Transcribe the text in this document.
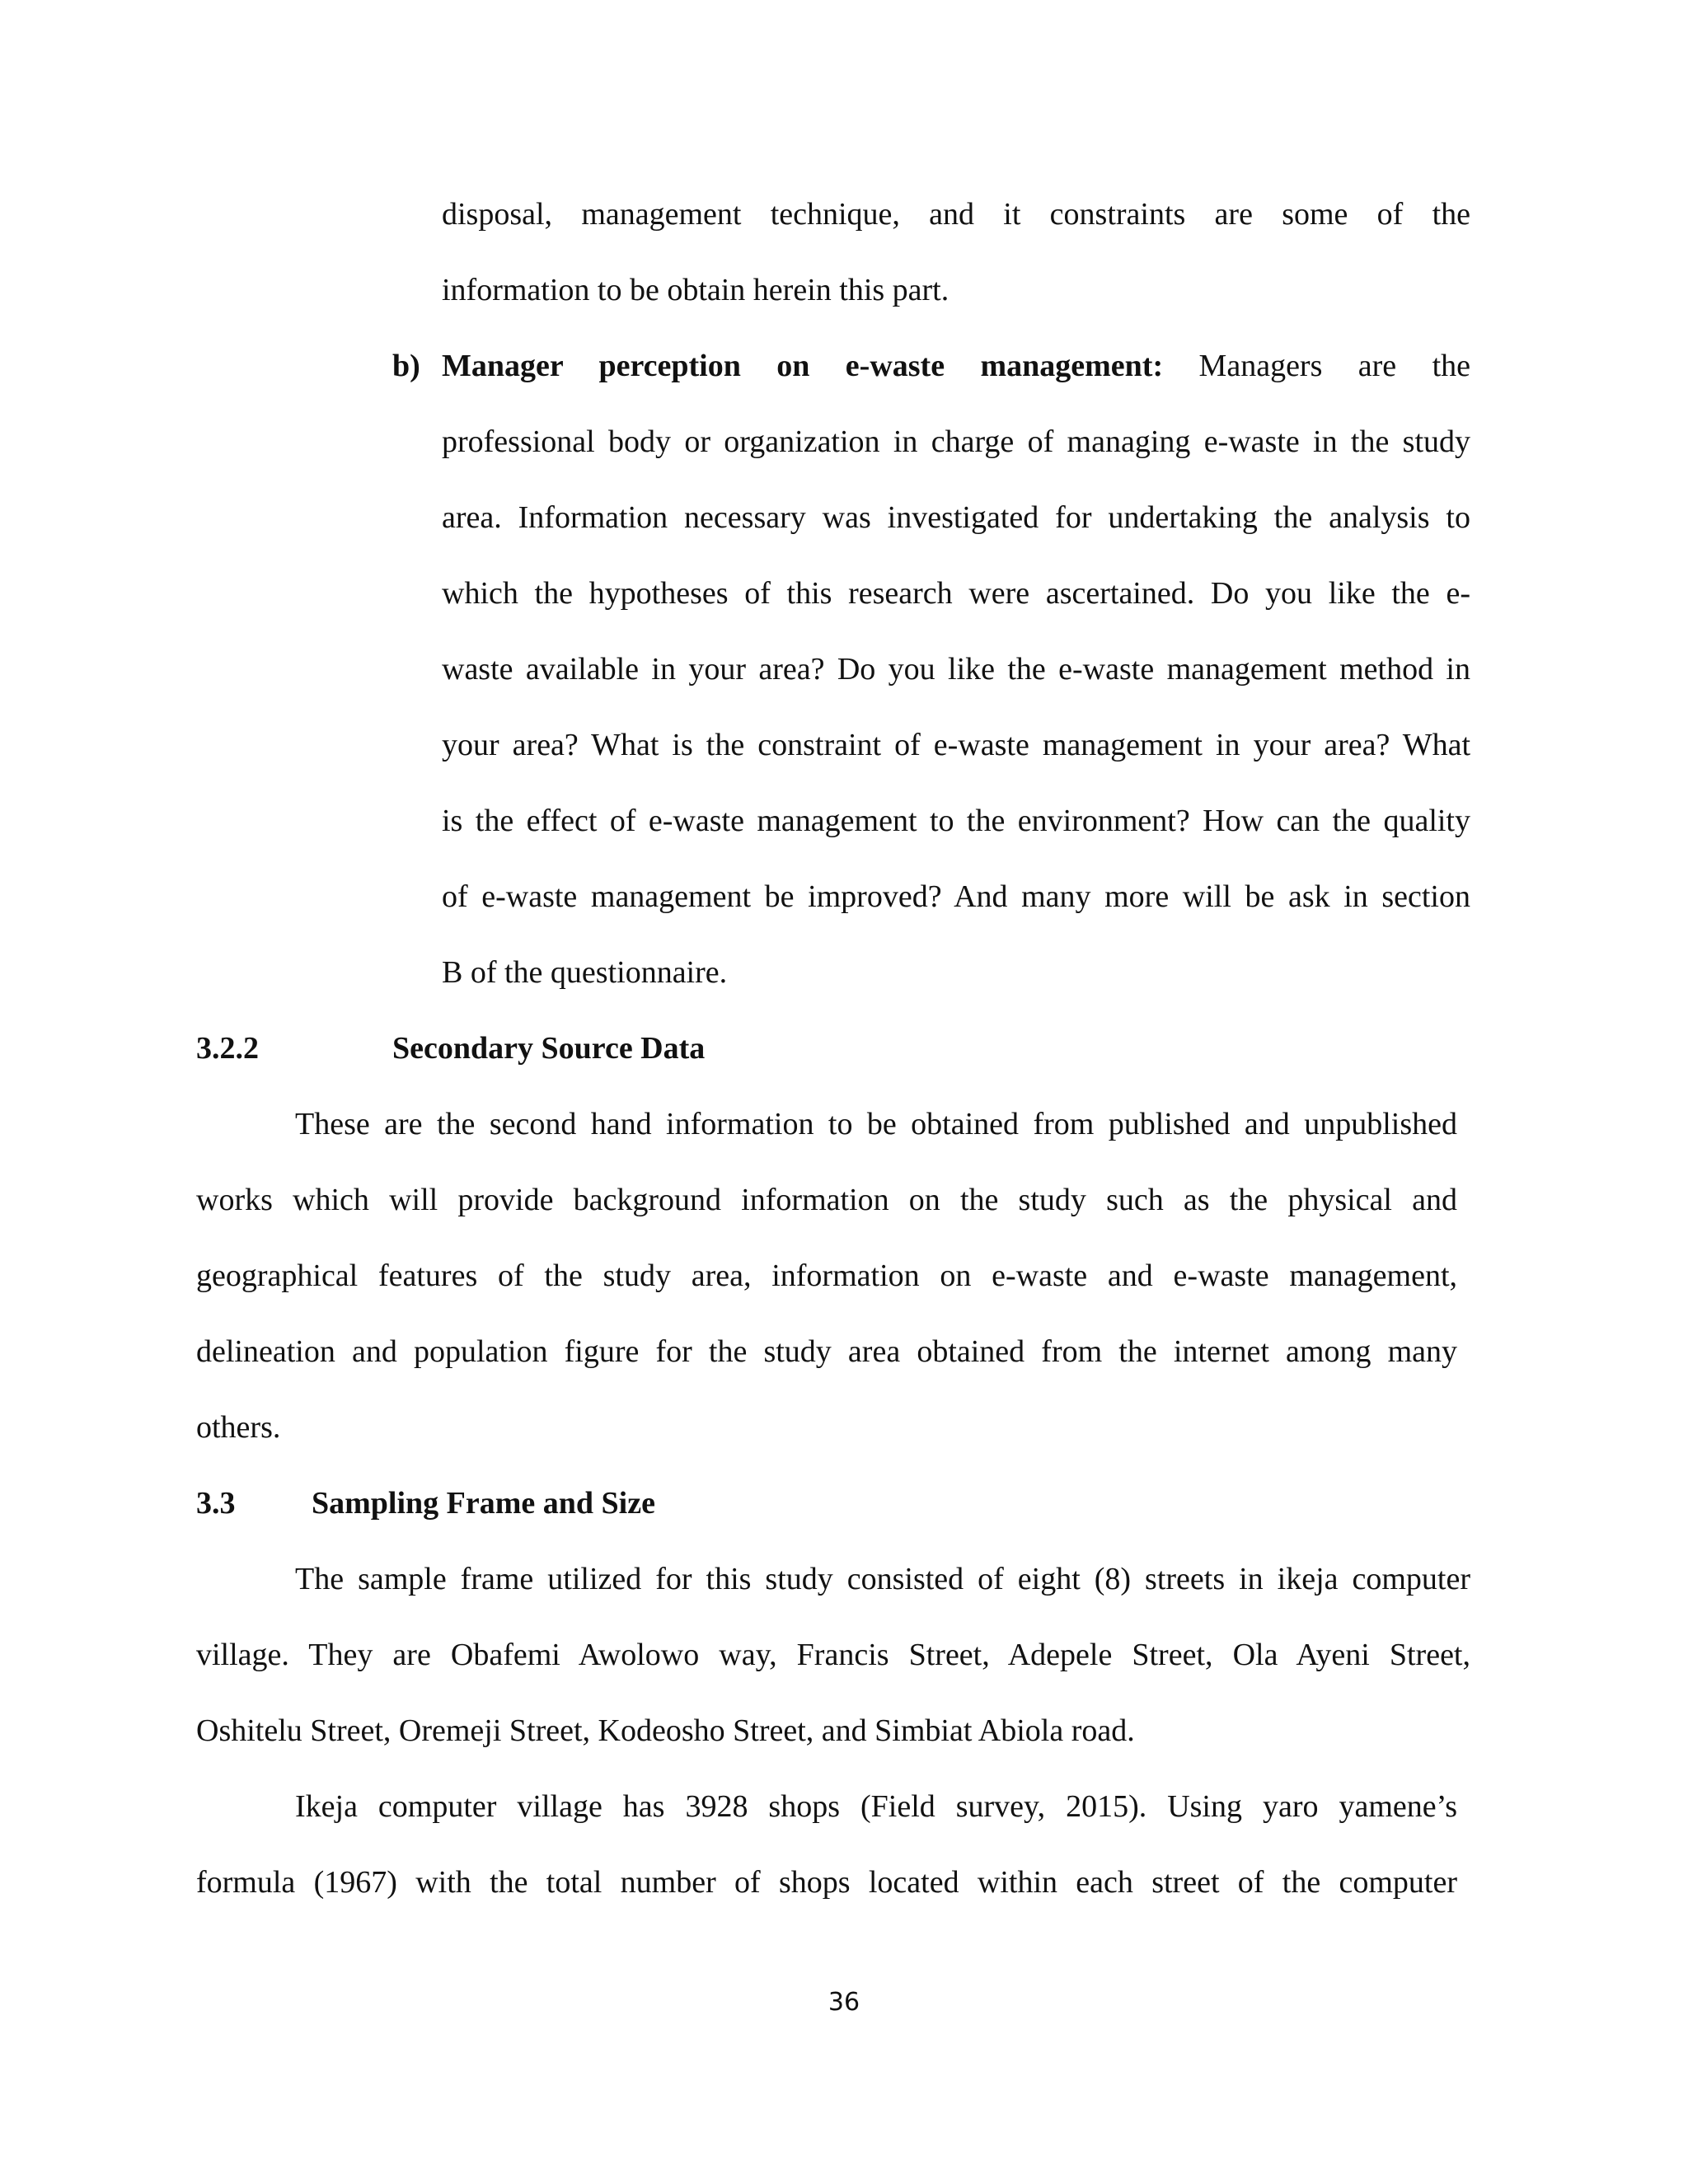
disposal, management technique, and it constraints are some of the
information to be obtain herein this part.
b) Manager perception on e-waste management: Managers are the
professional body or organization in charge of managing e-waste in the study
area. Information necessary was investigated for undertaking the analysis to
which the hypotheses of this research were ascertained. Do you like the e-
waste available in your area? Do you like the e-waste management method in
your area? What is the constraint of e-waste management in your area? What
is the effect of e-waste management to the environment? How can the quality
of e-waste management be improved? And many more will be ask in section
B of the questionnaire.
3.2.2	Secondary Source Data
These are the second hand information to be obtained from published and unpublished
works which will provide background information on the study such as the physical and
geographical features of the study area, information on e-waste and e-waste management,
delineation and population figure for the study area obtained from the internet among many
others.
3.3 Sampling Frame and Size
The sample frame utilized for this study consisted of eight (8) streets in ikeja computer
village. They are Obafemi Awolowo way, Francis Street, Adepele Street, Ola Ayeni Street,
Oshitelu Street, Oremeji Street, Kodeosho Street, and Simbiat Abiola road.
Ikeja computer village has 3928 shops (Field survey, 2015). Using yaro yamene’s
formula (1967) with the total number of shops located within each street of the computer
36
